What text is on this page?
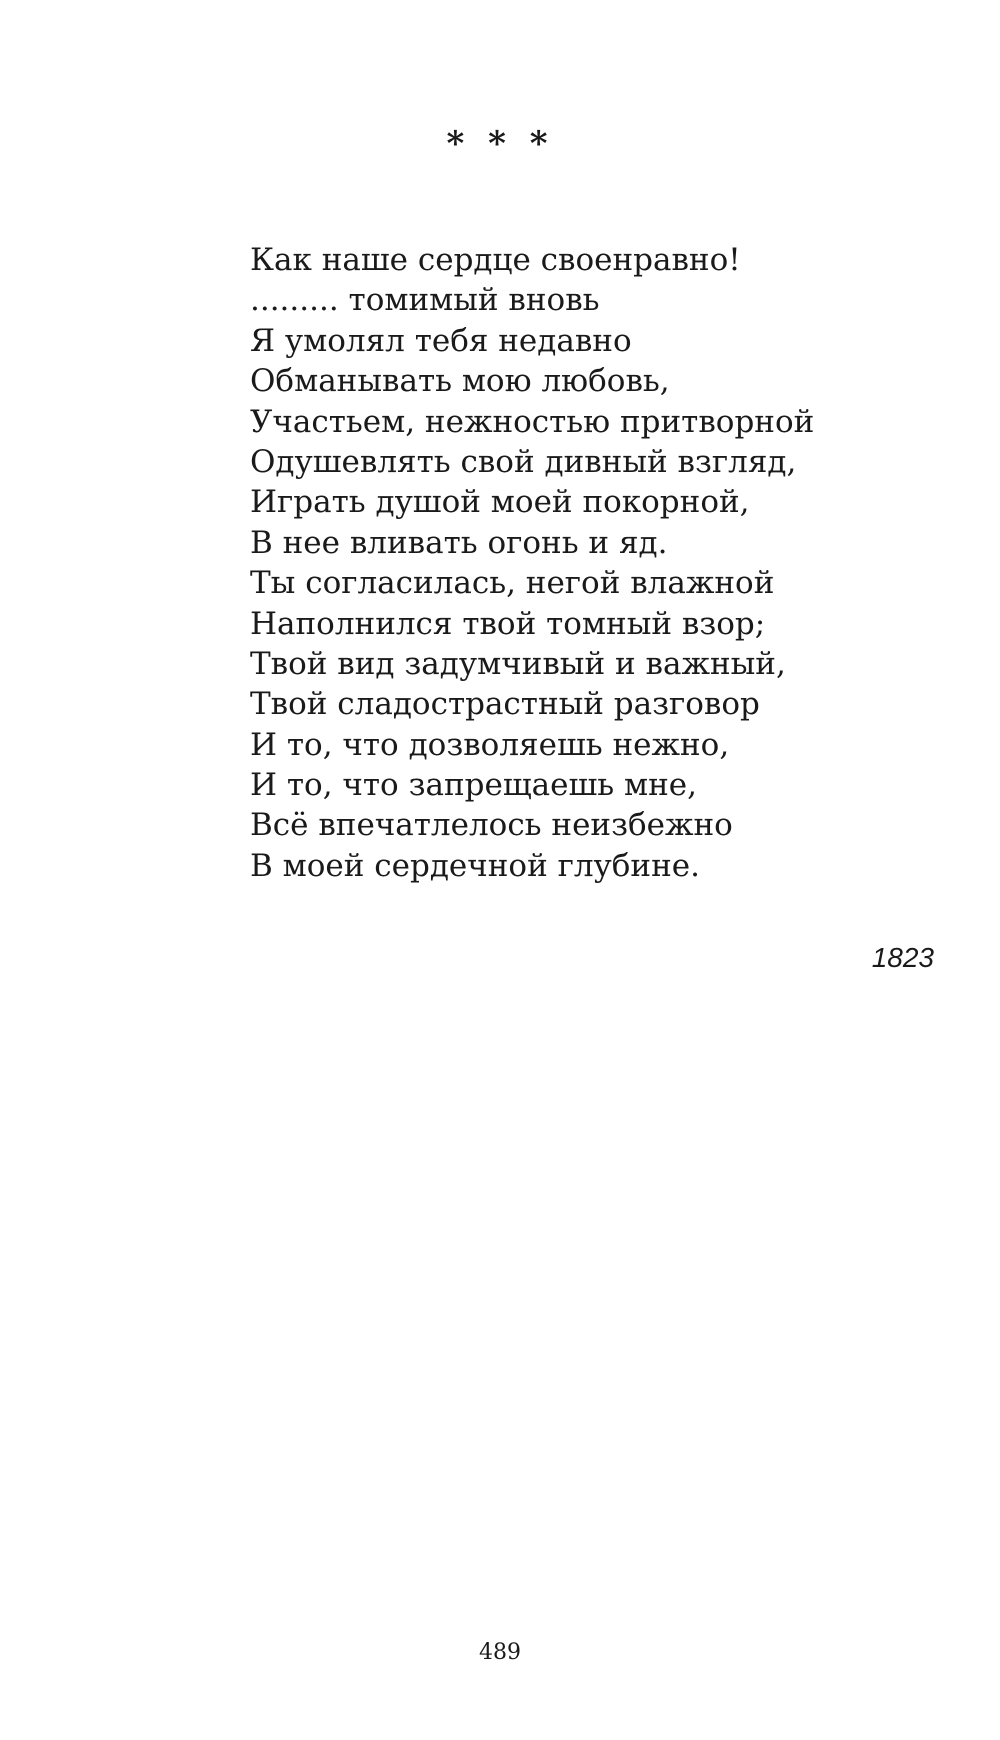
* * *
Как наше сердце своенравно!
......... томимый вновь
Я умолял тебя недавно
Обманывать мою любовь,
Участьем, нежностью притворной
Одушевлять свой дивный взгляд,
Играть душой моей покорной,
В нее вливать огонь и яд.
Ты согласилась, негой влажной
Наполнился твой томный взор;
Твой вид задумчивый и важный,
Твой сладострастный разговор
И то, что дозволяешь нежно,
И то, что запрещаешь мне,
Всё впечатлелось неизбежно
В моей сердечной глубине.
1823
489
